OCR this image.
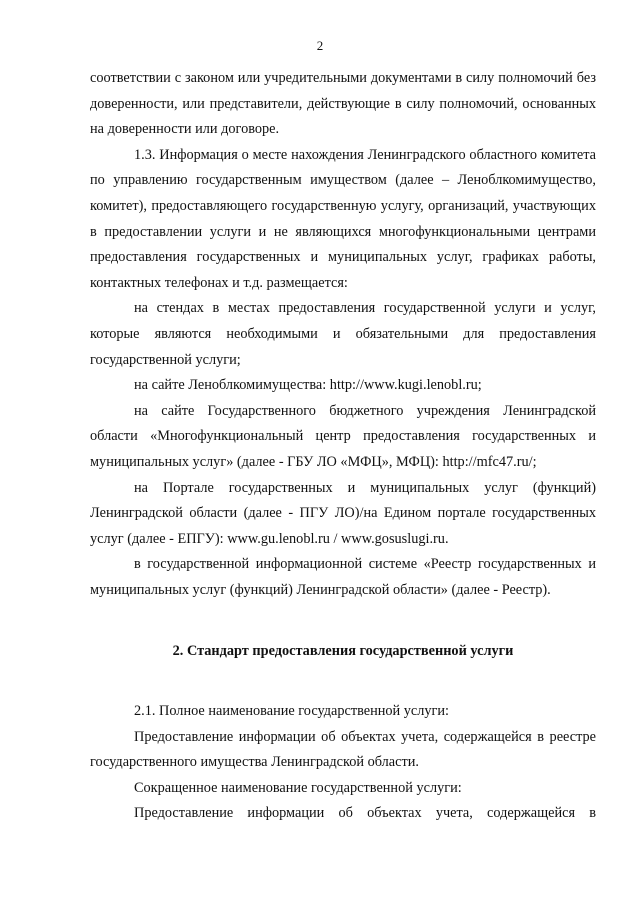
2

соответствии с законом или учредительными документами в силу полномочий без доверенности, или представители, действующие в силу полномочий, основанных на доверенности или договоре.

1.3. Информация о месте нахождения Ленинградского областного комитета по управлению государственным имуществом (далее – Леноблкомимущество, комитет), предоставляющего государственную услугу, организаций, участвующих в предоставлении услуги и не являющихся многофункциональными центрами предоставления государственных и муниципальных услуг, графиках работы, контактных телефонах и т.д. размещается:

на стендах в местах предоставления государственной услуги и услуг, которые являются необходимыми и обязательными для предоставления государственной услуги;

на сайте Леноблкомимущества: http://www.kugi.lenobl.ru;

на сайте Государственного бюджетного учреждения Ленинградской области «Многофункциональный центр предоставления государственных и муниципальных услуг» (далее - ГБУ ЛО «МФЦ», МФЦ): http://mfc47.ru/;

на Портале государственных и муниципальных услуг (функций) Ленинградской области (далее - ПГУ ЛО)/на Едином портале государственных услуг (далее - ЕПГУ): www.gu.lenobl.ru / www.gosuslugi.ru.

в государственной информационной системе «Реестр государственных и муниципальных услуг (функций) Ленинградской области» (далее - Реестр).

2. Стандарт предоставления государственной услуги

2.1. Полное наименование государственной услуги:

Предоставление информации об объектах учета, содержащейся в реестре государственного имущества Ленинградской области.

Сокращенное наименование государственной услуги:

Предоставление информации об объектах учета, содержащейся в
